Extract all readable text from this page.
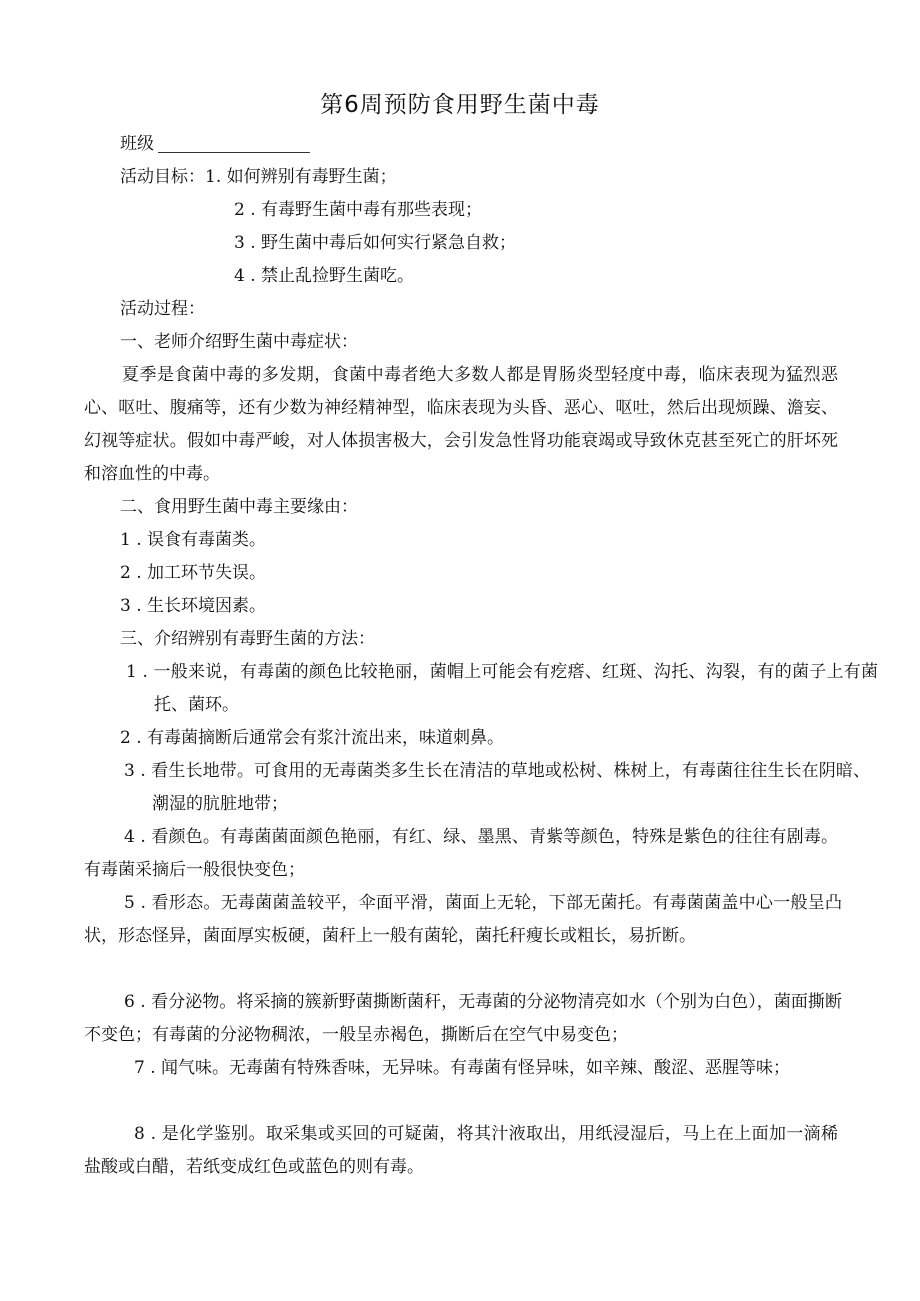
第6周预防食用野生菌中毒
班级
活动目标：1. 如何辨别有毒野生菌；
2 . 有毒野生菌中毒有那些表现；
3 . 野生菌中毒后如何实行紧急自救；
4 . 禁止乱捡野生菌吃。
活动过程：
一、老师介绍野生菌中毒症状：
夏季是食菌中毒的多发期，食菌中毒者绝大多数人都是胃肠炎型轻度中毒，临床表现为猛烈恶心、呕吐、腹痛等，还有少数为神经精神型，临床表现为头昏、恶心、呕吐，然后出现烦躁、澹妄、幻视等症状。假如中毒严峻，对人体损害极大，会引发急性肾功能衰竭或导致休克甚至死亡的肝坏死和溶血性的中毒。
二、食用野生菌中毒主要缘由：
1 . 误食有毒菌类。
2 . 加工环节失误。
3 . 生长环境因素。
三、介绍辨别有毒野生菌的方法：
1 . 一般来说，有毒菌的颜色比较艳丽，菌帽上可能会有疙瘩、红斑、沟托、沟裂，有的菌子上有菌托、菌环。
2 . 有毒菌摘断后通常会有浆汁流出来，味道刺鼻。
3 . 看生长地带。可食用的无毒菌类多生长在清洁的草地或松树、株树上，有毒菌往往生长在阴暗、潮湿的肮脏地带；
4 . 看颜色。有毒菌菌面颜色艳丽，有红、绿、墨黑、青紫等颜色，特殊是紫色的往往有剧毒。有毒菌采摘后一般很快变色；
5 . 看形态。无毒菌菌盖较平，伞面平滑，菌面上无轮，下部无菌托。有毒菌菌盖中心一般呈凸状，形态怪异，菌面厚实板硬，菌秆上一般有菌轮，菌托秆瘦长或粗长，易折断。
6 . 看分泌物。将采摘的簇新野菌撕断菌秆，无毒菌的分泌物清亮如水（个别为白色），菌面撕断不变色；有毒菌的分泌物稠浓，一般呈赤褐色，撕断后在空气中易变色；
7 . 闻气味。无毒菌有特殊香味，无异味。有毒菌有怪异味，如辛辣、酸涩、恶腥等味；
8 . 是化学鉴别。取采集或买回的可疑菌，将其汁液取出，用纸浸湿后，马上在上面加一滴稀盐酸或白醋，若纸变成红色或蓝色的则有毒。
